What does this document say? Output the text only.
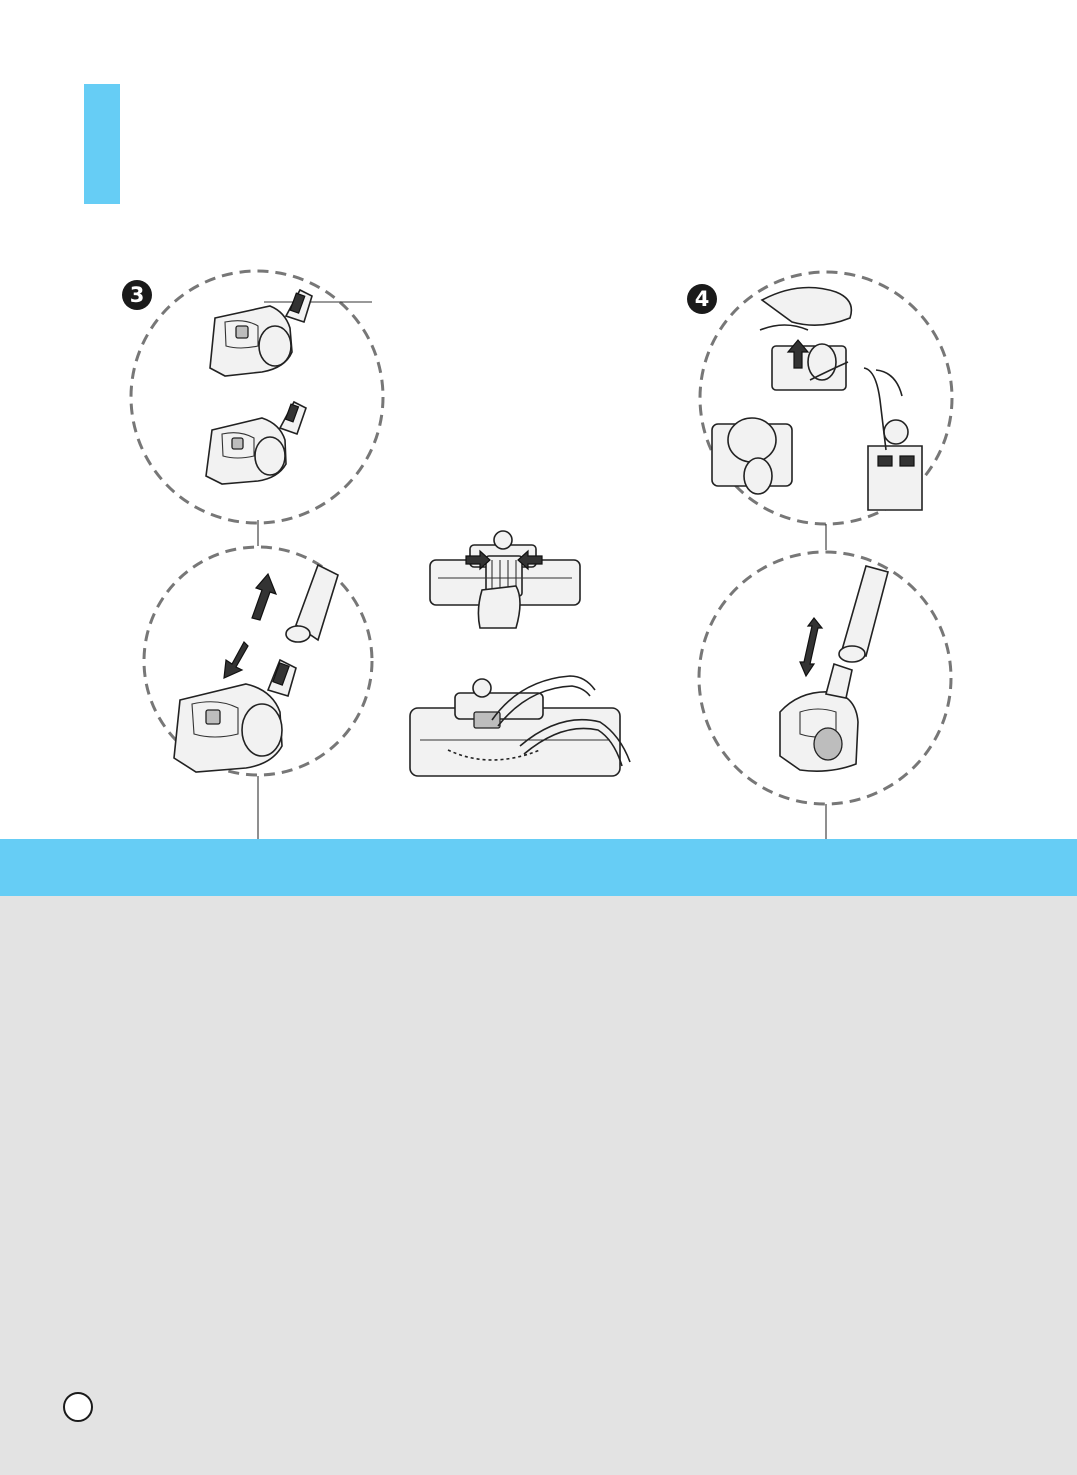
3	4
